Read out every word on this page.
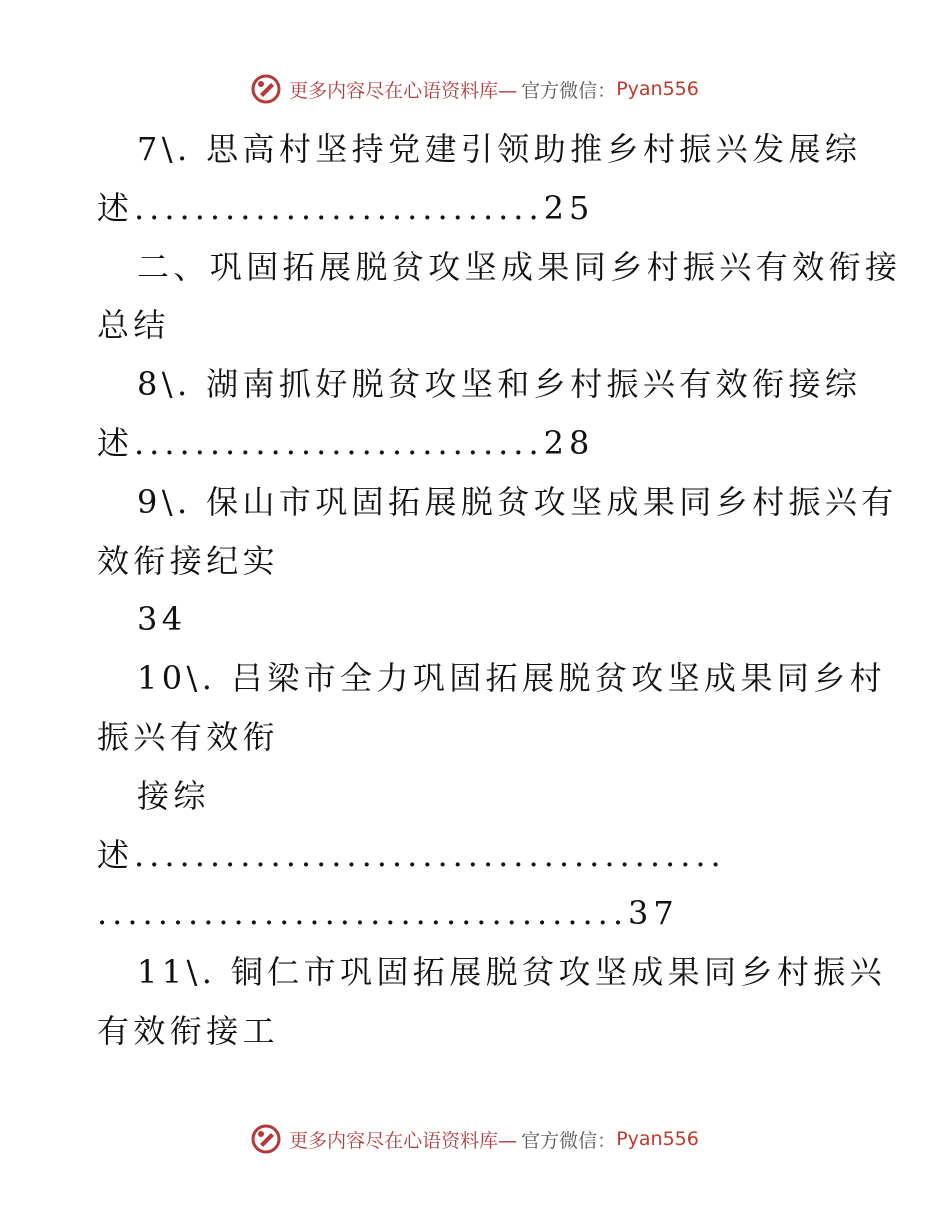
更多内容尽在心语资料库— 官方微信： Pyan556
7\. 思高村坚持党建引领助推乡村振兴发展综
述...........................25
二、巩固拓展脱贫攻坚成果同乡村振兴有效衔接
总结
8\. 湖南抓好脱贫攻坚和乡村振兴有效衔接综
述...........................28
9\. 保山市巩固拓展脱贫攻坚成果同乡村振兴有
效衔接纪实
34
10\. 吕梁市全力巩固拓展脱贫攻坚成果同乡村
振兴有效衔
接综
述.......................................
...................................37
11\. 铜仁市巩固拓展脱贫攻坚成果同乡村振兴
有效衔接工
更多内容尽在心语资料库— 官方微信： Pyan556
